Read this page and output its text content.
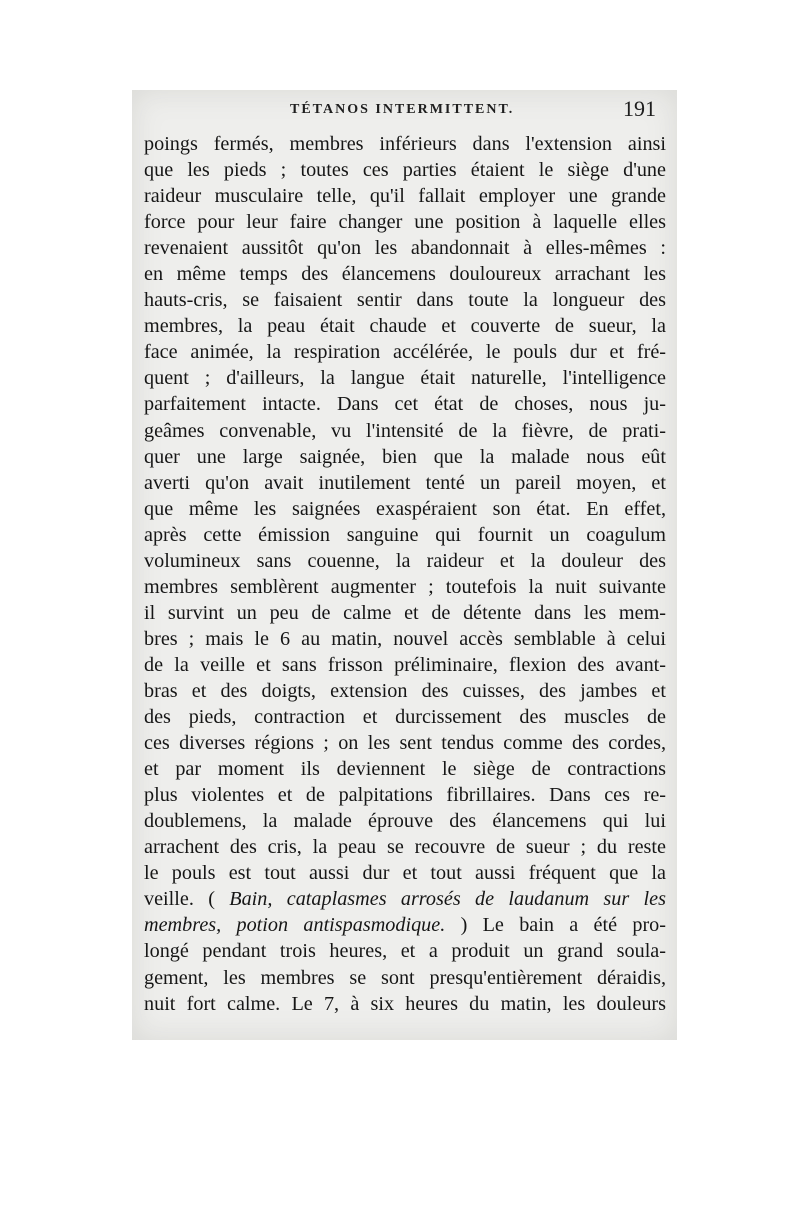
TÉTANOS INTERMITTENT.	191
poings fermés, membres inférieurs dans l'extension ainsi
que les pieds ; toutes ces parties étaient le siège d'une
raideur musculaire telle, qu'il fallait employer une grande
force pour leur faire changer une position à laquelle elles
revenaient aussitôt qu'on les abandonnait à elles-mêmes :
en même temps des élancemens douloureux arrachant les
hauts-cris, se faisaient sentir dans toute la longueur des
membres, la peau était chaude et couverte de sueur, la
face animée, la respiration accélérée, le pouls dur et fré-
quent ; d'ailleurs, la langue était naturelle, l'intelligence
parfaitement intacte. Dans cet état de choses, nous ju-
geâmes convenable, vu l'intensité de la fièvre, de prati-
quer une large saignée, bien que la malade nous eût
averti qu'on avait inutilement tenté un pareil moyen, et
que même les saignées exaspéraient son état. En effet,
après cette émission sanguine qui fournit un coagulum
volumineux sans couenne, la raideur et la douleur des
membres semblèrent augmenter ; toutefois la nuit suivante
il survint un peu de calme et de détente dans les mem-
bres ; mais le 6 au matin, nouvel accès semblable à celui
de la veille et sans frisson préliminaire, flexion des avant-
bras et des doigts, extension des cuisses, des jambes et
des pieds, contraction et durcissement des muscles de
ces diverses régions ; on les sent tendus comme des cordes,
et par moment ils deviennent le siège de contractions
plus violentes et de palpitations fibrillaires. Dans ces re-
doublemens, la malade éprouve des élancemens qui lui
arrachent des cris, la peau se recouvre de sueur ; du reste
le pouls est tout aussi dur et tout aussi fréquent que la
veille. ( Bain, cataplasmes arrosés de laudanum sur les
membres, potion antispasmodique. ) Le bain a été pro-
longé pendant trois heures, et a produit un grand soula-
gement, les membres se sont presqu'entièrement déraidis,
nuit fort calme. Le 7, à six heures du matin, les douleurs
